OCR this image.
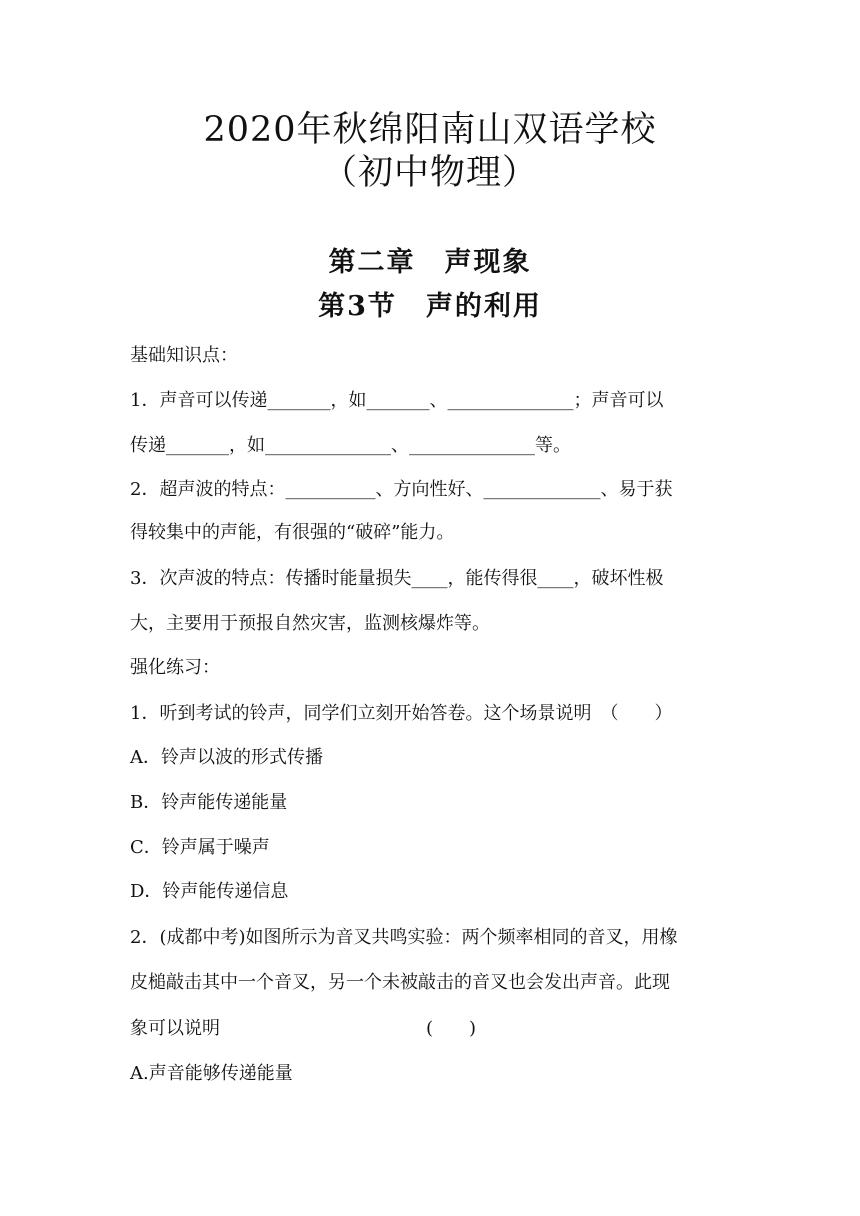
2020年秋绵阳南山双语学校
（初中物理）
第二章　声现象
第3节　声的利用
基础知识点：
1．声音可以传递_______，如_______、______________；声音可以
传递_______，如______________、______________等。
2．超声波的特点：__________、方向性好、_____________、易于获
得较集中的声能，有很强的“破碎”能力。
3．次声波的特点：传播时能量损失____，能传得很____，破坏性极
大，主要用于预报自然灾害，监测核爆炸等。
强化练习：
1．听到考试的铃声，同学们立刻开始答卷。这个场景说明　（　　）
A．铃声以波的形式传播
B．铃声能传递能量
C．铃声属于噪声
D．铃声能传递信息
2．(成都中考)如图所示为音叉共鸣实验：两个频率相同的音叉，用橡
皮槌敲击其中一个音叉，另一个未被敲击的音叉也会发出声音。此现
象可以说明                                    (　　)
A.声音能够传递能量
